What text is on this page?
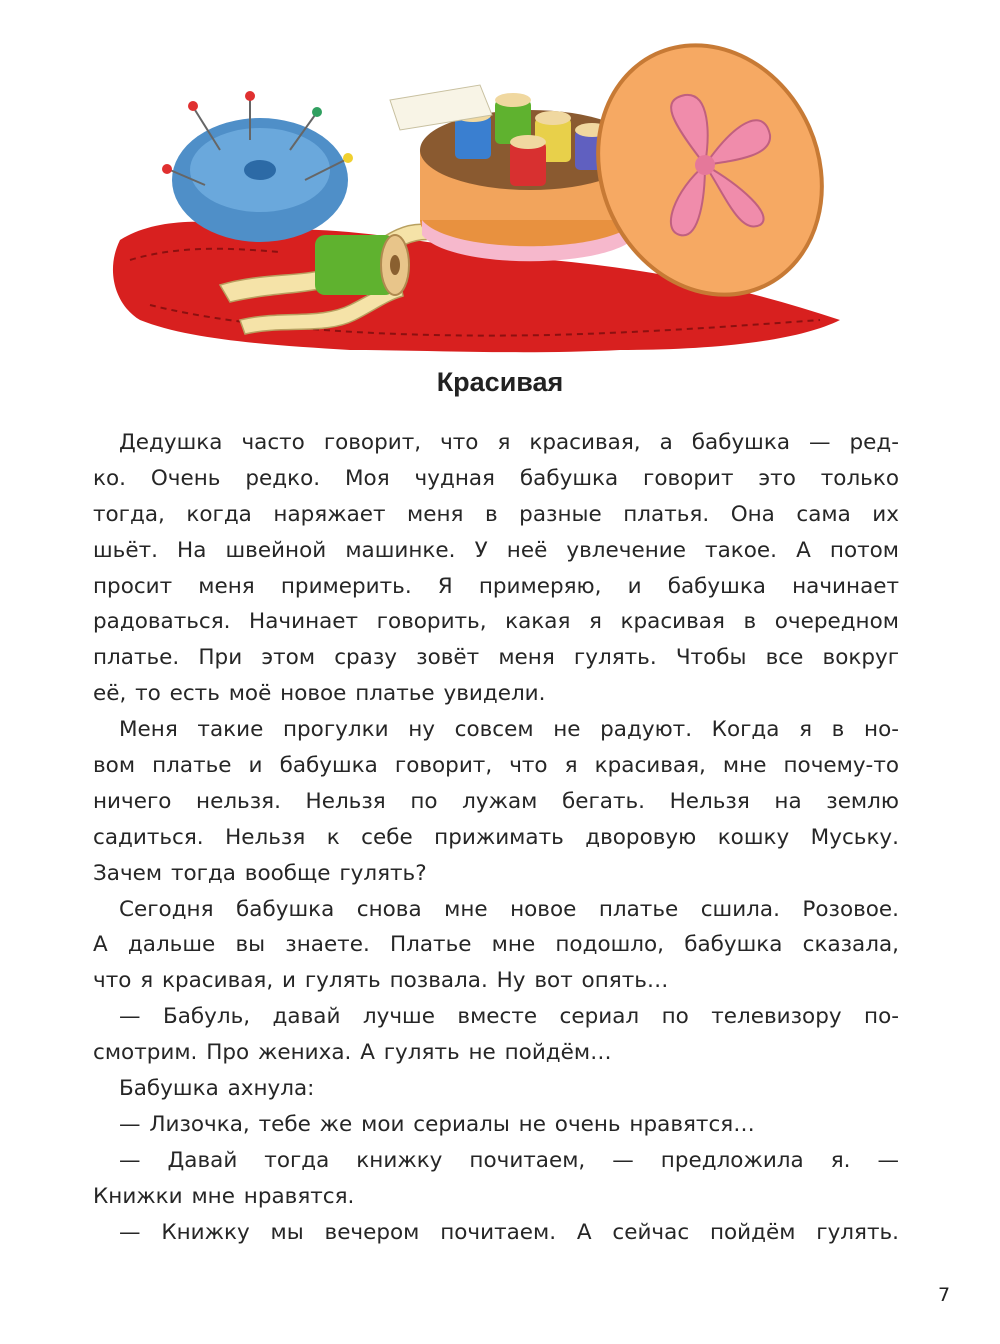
Красивая
Дедушка часто говорит, что я красивая, а бабушка — ред-
ко. Очень редко. Моя чудная бабушка говорит это только
тогда, когда наряжает меня в разные платья. Она сама их
шьёт. На швейной машинке. У неё увлечение такое. А потом
просит меня примерить. Я примеряю, и бабушка начинает
радоваться. Начинает говорить, какая я красивая в очередном
платье. При этом сразу зовёт меня гулять. Чтобы все вокруг
её, то есть моё новое платье увидели.
Меня такие прогулки ну совсем не радуют. Когда я в но-
вом платье и бабушка говорит, что я красивая, мне почему-то
ничего нельзя. Нельзя по лужам бегать. Нельзя на землю
садиться. Нельзя к себе прижимать дворовую кошку Муську.
Зачем тогда вообще гулять?
Сегодня бабушка снова мне новое платье сшила. Розовое.
А дальше вы знаете. Платье мне подошло, бабушка сказала,
что я красивая, и гулять позвала. Ну вот опять…
— Бабуль, давай лучше вместе сериал по телевизору по-
смотрим. Про жениха. А гулять не пойдём…
Бабушка ахнула:
— Лизочка, тебе же мои сериалы не очень нравятся…
— Давай тогда книжку почитаем, — предложила я. —
Книжки мне нравятся.
— Книжку мы вечером почитаем. А сейчас пойдём гулять.
7
